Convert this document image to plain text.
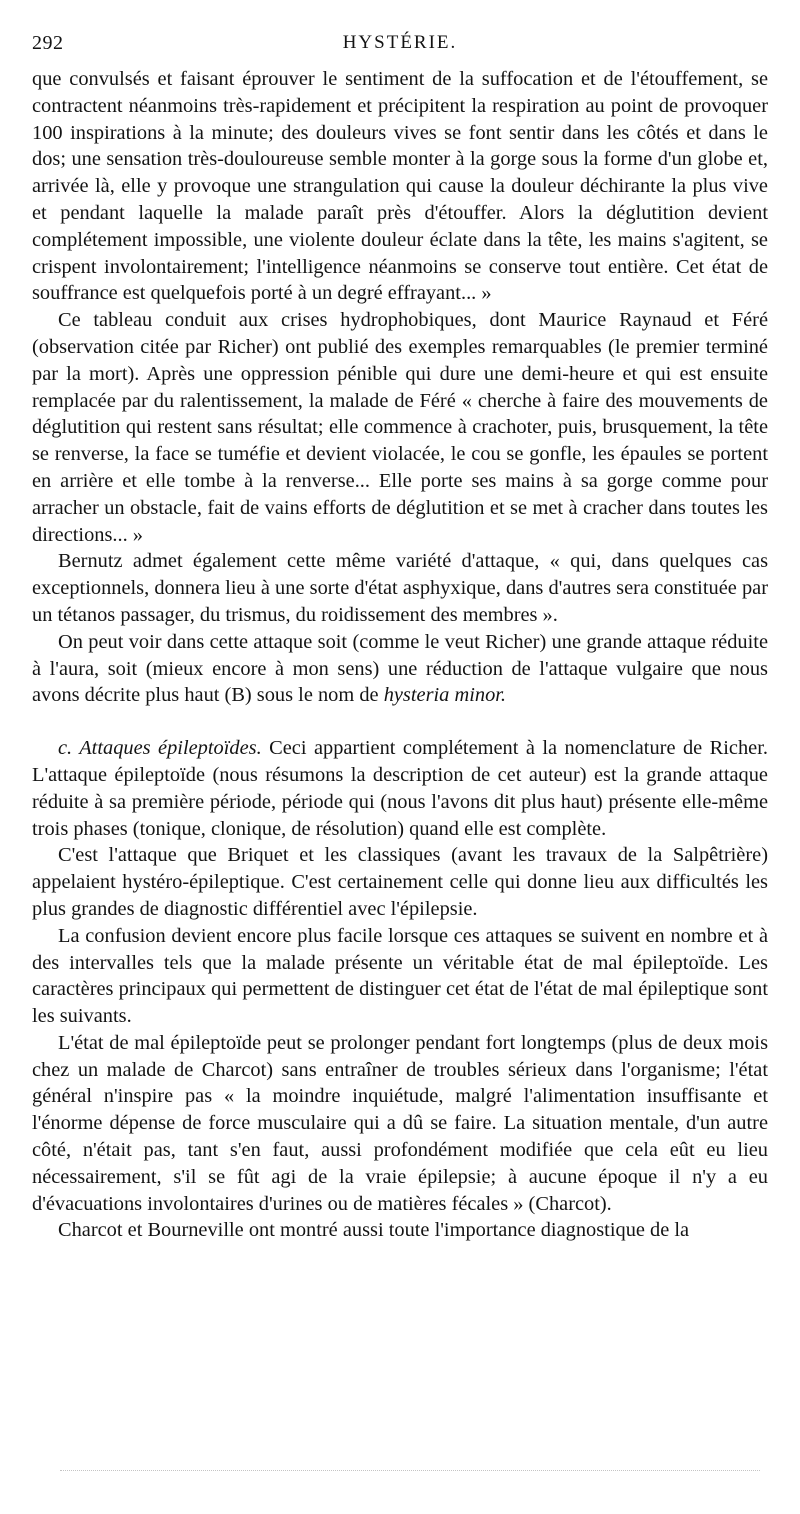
292	HYSTÉRIE.

que convulsés et faisant éprouver le sentiment de la suffocation et de l'étouffement, se contractent néanmoins très-rapidement et précipitent la respiration au point de provoquer 100 inspirations à la minute; des douleurs vives se font sentir dans les côtés et dans le dos; une sensation très-douloureuse semble monter à la gorge sous la forme d'un globe et, arrivée là, elle y provoque une strangulation qui cause la douleur déchirante la plus vive et pendant laquelle la malade paraît près d'étouffer. Alors la déglutition devient complétement impossible, une violente douleur éclate dans la tête, les mains s'agitent, se crispent involontairement; l'intelligence néanmoins se conserve tout entière. Cet état de souffrance est quelquefois porté à un degré effrayant... »

Ce tableau conduit aux crises hydrophobiques, dont Maurice Raynaud et Féré (observation citée par Richer) ont publié des exemples remarquables (le premier terminé par la mort). Après une oppression pénible qui dure une demi-heure et qui est ensuite remplacée par du ralentissement, la malade de Féré « cherche à faire des mouvements de déglutition qui restent sans résultat; elle commence à crachoter, puis, brusquement, la tête se renverse, la face se tuméfie et devient violacée, le cou se gonfle, les épaules se portent en arrière et elle tombe à la renverse... Elle porte ses mains à sa gorge comme pour arracher un obstacle, fait de vains efforts de déglutition et se met à cracher dans toutes les directions... »

Bernutz admet également cette même variété d'attaque, « qui, dans quelques cas exceptionnels, donnera lieu à une sorte d'état asphyxique, dans d'autres sera constituée par un tétanos passager, du trismus, du roidissement des membres ».

On peut voir dans cette attaque soit (comme le veut Richer) une grande attaque réduite à l'aura, soit (mieux encore à mon sens) une réduction de l'attaque vulgaire que nous avons décrite plus haut (B) sous le nom de hysteria minor.

c. Attaques épileptoïdes. Ceci appartient complétement à la nomenclature de Richer. L'attaque épileptoïde (nous résumons la description de cet auteur) est la grande attaque réduite à sa première période, période qui (nous l'avons dit plus haut) présente elle-même trois phases (tonique, clonique, de résolution) quand elle est complète.

C'est l'attaque que Briquet et les classiques (avant les travaux de la Salpêtrière) appelaient hystéro-épileptique. C'est certainement celle qui donne lieu aux difficultés les plus grandes de diagnostic différentiel avec l'épilepsie.

La confusion devient encore plus facile lorsque ces attaques se suivent en nombre et à des intervalles tels que la malade présente un véritable état de mal épileptoïde. Les caractères principaux qui permettent de distinguer cet état de l'état de mal épileptique sont les suivants.

L'état de mal épileptoïde peut se prolonger pendant fort longtemps (plus de deux mois chez un malade de Charcot) sans entraîner de troubles sérieux dans l'organisme; l'état général n'inspire pas « la moindre inquiétude, malgré l'alimentation insuffisante et l'énorme dépense de force musculaire qui a dû se faire. La situation mentale, d'un autre côté, n'était pas, tant s'en faut, aussi profondément modifiée que cela eût eu lieu nécessairement, s'il se fût agi de la vraie épilepsie; à aucune époque il n'y a eu d'évacuations involontaires d'urines ou de matières fécales » (Charcot).

Charcot et Bourneville ont montré aussi toute l'importance diagnostique de la
